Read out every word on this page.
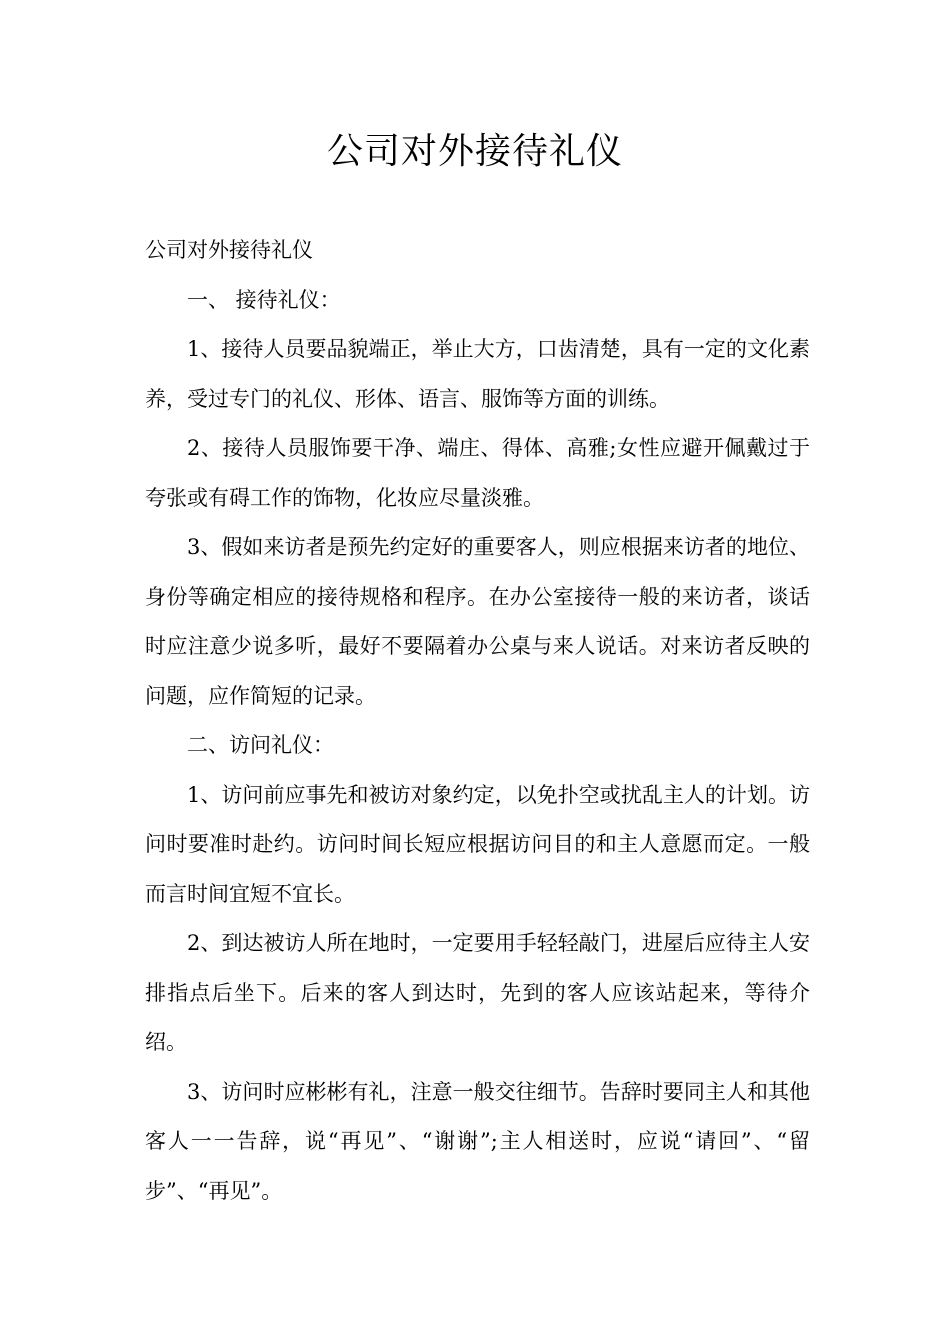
公司对外接待礼仪

公司对外接待礼仪

一、 接待礼仪：

1、接待人员要品貌端正，举止大方，口齿清楚，具有一定的文化素养，受过专门的礼仪、形体、语言、服饰等方面的训练。

2、接待人员服饰要干净、端庄、得体、高雅;女性应避开佩戴过于夸张或有碍工作的饰物，化妆应尽量淡雅。

3、假如来访者是预先约定好的重要客人，则应根据来访者的地位、身份等确定相应的接待规格和程序。在办公室接待一般的来访者，谈话时应注意少说多听，最好不要隔着办公桌与来人说话。对来访者反映的问题，应作简短的记录。

二、访问礼仪：

1、访问前应事先和被访对象约定，以免扑空或扰乱主人的计划。访问时要准时赴约。访问时间长短应根据访问目的和主人意愿而定。一般而言时间宜短不宜长。

2、到达被访人所在地时，一定要用手轻轻敲门，进屋后应待主人安排指点后坐下。后来的客人到达时，先到的客人应该站起来，等待介绍。

3、访问时应彬彬有礼，注意一般交往细节。告辞时要同主人和其他客人一一告辞，说“再见”、“谢谢”;主人相送时，应说“请回”、“留步”、“再见”。
